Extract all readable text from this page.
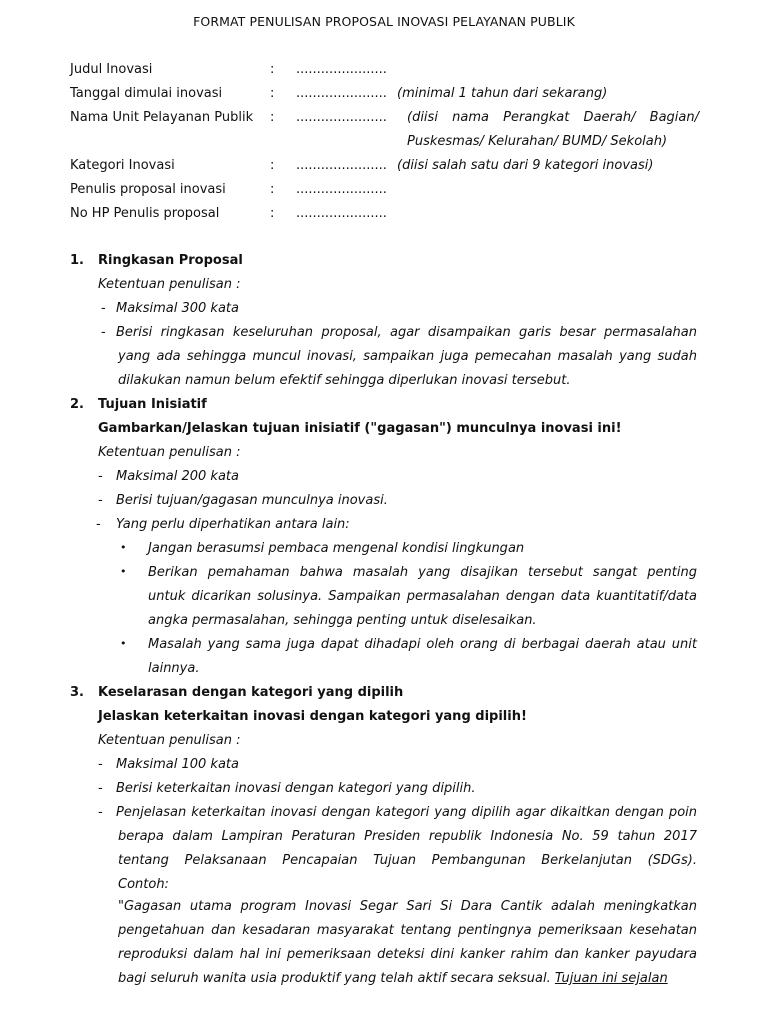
FORMAT PENULISAN PROPOSAL INOVASI PELAYANAN PUBLIK
Judul Inovasi	: ......................
Tanggal dimulai inovasi	: ...................... (minimal 1 tahun dari sekarang)
Nama Unit Pelayanan Publik : ...................... (diisi nama Perangkat Daerah/ Bagian/
Puskesmas/ Kelurahan/ BUMD/ Sekolah)
Kategori Inovasi	: ...................... (diisi salah satu dari 9 kategori inovasi)
Penulis proposal inovasi	: ......................
No HP Penulis proposal	: ......................
1. Ringkasan Proposal
Ketentuan penulisan :
- Maksimal 300 kata
- Berisi ringkasan keseluruhan proposal, agar disampaikan garis besar permasalahan
yang ada sehingga muncul inovasi, sampaikan juga pemecahan masalah yang sudah
dilakukan namun belum efektif sehingga diperlukan inovasi tersebut.
2. Tujuan Inisiatif
Gambarkan/Jelaskan tujuan inisiatif ("gagasan") munculnya inovasi ini!
Ketentuan penulisan :
- Maksimal 200 kata
- Berisi tujuan/gagasan munculnya inovasi.
- Yang perlu diperhatikan antara lain:
• Jangan berasumsi pembaca mengenal kondisi lingkungan
• Berikan pemahaman bahwa masalah yang disajikan tersebut sangat penting
untuk dicarikan solusinya. Sampaikan permasalahan dengan data kuantitatif/data
angka permasalahan, sehingga penting untuk diselesaikan.
• Masalah yang sama juga dapat dihadapi oleh orang di berbagai daerah atau unit
lainnya.
3. Keselarasan dengan kategori yang dipilih
Jelaskan keterkaitan inovasi dengan kategori yang dipilih!
Ketentuan penulisan :
- Maksimal 100 kata
- Berisi keterkaitan inovasi dengan kategori yang dipilih.
- Penjelasan keterkaitan inovasi dengan kategori yang dipilih agar dikaitkan dengan poin
berapa dalam Lampiran Peraturan Presiden republik Indonesia No. 59 tahun 2017
tentang Pelaksanaan Pencapaian Tujuan Pembangunan Berkelanjutan (SDGs).
Contoh:
"Gagasan utama program Inovasi Segar Sari Si Dara Cantik adalah meningkatkan
pengetahuan dan kesadaran masyarakat tentang pentingnya pemeriksaan kesehatan
reproduksi dalam hal ini pemeriksaan deteksi dini kanker rahim dan kanker payudara
bagi seluruh wanita usia produktif yang telah aktif secara seksual. Tujuan ini sejalan
